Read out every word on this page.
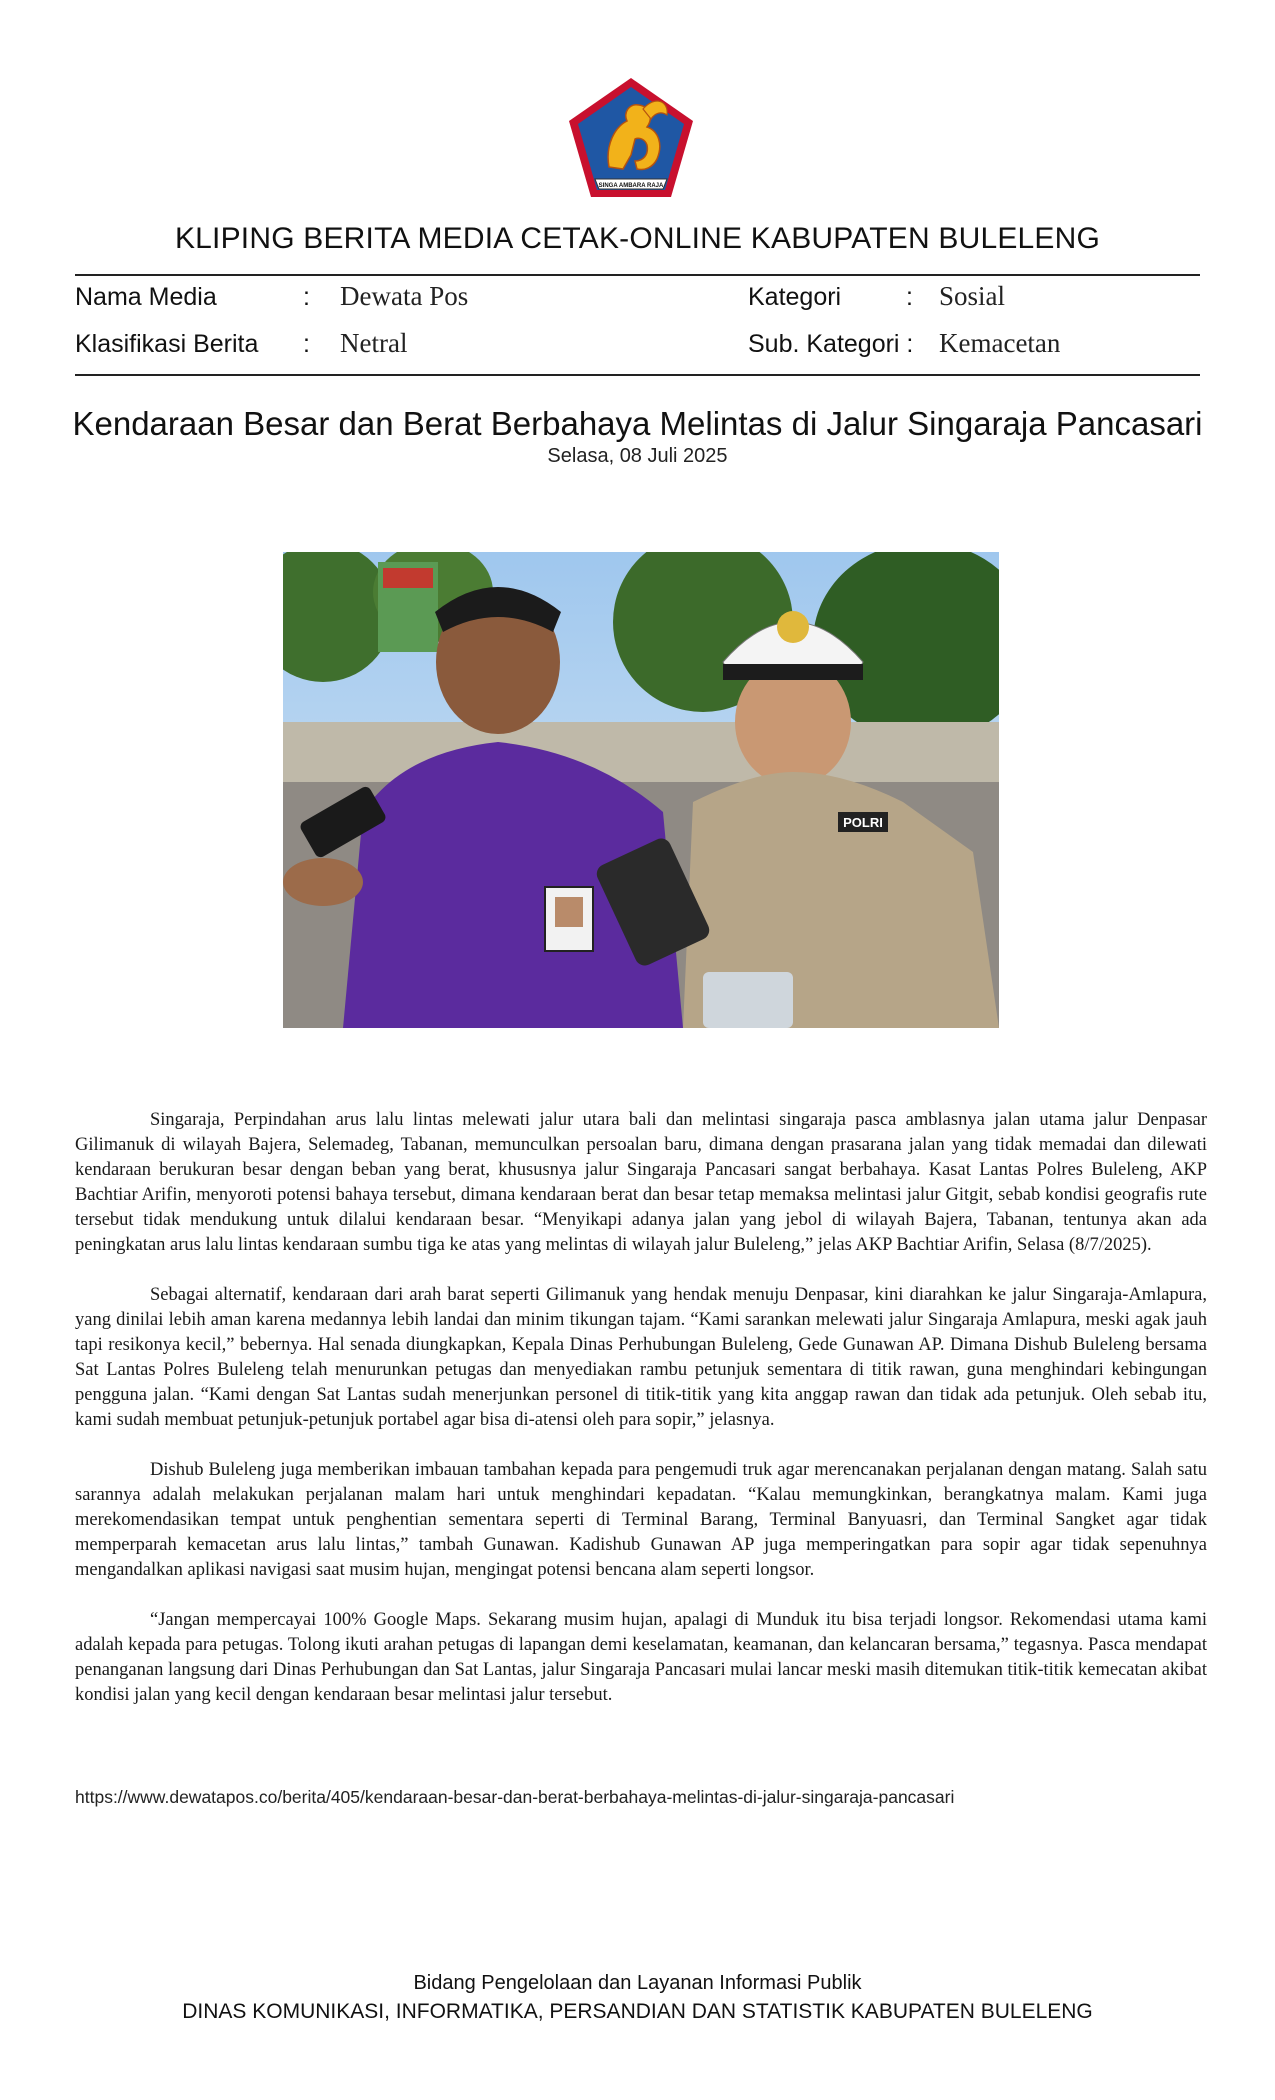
SINGA AMBARA RAJA
KLIPING BERITA MEDIA CETAK-ONLINE KABUPATEN BULELENG
Nama Media	: Dewata Pos
Klasifikasi Berita : Netral
Kategori	: Sosial
Sub. Kategori : Kemacetan
Kendaraan Besar dan Berat Berbahaya Melintas di Jalur Singaraja Pancasari
Selasa, 08 Juli 2025
POLRI

Singaraja, Perpindahan arus lalu lintas melewati jalur utara bali dan melintasi singaraja pasca amblasnya jalan utama jalur Denpasar Gilimanuk di wilayah Bajera, Selemadeg, Tabanan, memunculkan persoalan baru, dimana dengan prasarana jalan yang tidak memadai dan dilewati kendaraan berukuran besar dengan beban yang berat, khususnya jalur Singaraja Pancasari sangat berbahaya. Kasat Lantas Polres Buleleng, AKP Bachtiar Arifin, menyoroti potensi bahaya tersebut, dimana kendaraan berat dan besar tetap memaksa melintasi jalur Gitgit, sebab kondisi geografis rute tersebut tidak mendukung untuk dilalui kendaraan besar. “Menyikapi adanya jalan yang jebol di wilayah Bajera, Tabanan, tentunya akan ada peningkatan arus lalu lintas kendaraan sumbu tiga ke atas yang melintas di wilayah jalur Buleleng,” jelas AKP Bachtiar Arifin, Selasa (8/7/2025).

Sebagai alternatif, kendaraan dari arah barat seperti Gilimanuk yang hendak menuju Denpasar, kini diarahkan ke jalur Singaraja-Amlapura, yang dinilai lebih aman karena medannya lebih landai dan minim tikungan tajam. “Kami sarankan melewati jalur Singaraja Amlapura, meski agak jauh tapi resikonya kecil,” bebernya. Hal senada diungkapkan, Kepala Dinas Perhubungan Buleleng, Gede Gunawan AP. Dimana Dishub Buleleng bersama Sat Lantas Polres Buleleng telah menurunkan petugas dan menyediakan rambu petunjuk sementara di titik rawan, guna menghindari kebingungan pengguna jalan. “Kami dengan Sat Lantas sudah menerjunkan personel di titik-titik yang kita anggap rawan dan tidak ada petunjuk. Oleh sebab itu, kami sudah membuat petunjuk-petunjuk portabel agar bisa di-atensi oleh para sopir,” jelasnya.

Dishub Buleleng juga memberikan imbauan tambahan kepada para pengemudi truk agar merencanakan perjalanan dengan matang. Salah satu sarannya adalah melakukan perjalanan malam hari untuk menghindari kepadatan. “Kalau memungkinkan, berangkatnya malam. Kami juga merekomendasikan tempat untuk penghentian sementara seperti di Terminal Barang, Terminal Banyuasri, dan Terminal Sangket agar tidak memperparah kemacetan arus lalu lintas,” tambah Gunawan. Kadishub Gunawan AP juga memperingatkan para sopir agar tidak sepenuhnya mengandalkan aplikasi navigasi saat musim hujan, mengingat potensi bencana alam seperti longsor.

“Jangan mempercayai 100% Google Maps. Sekarang musim hujan, apalagi di Munduk itu bisa terjadi longsor. Rekomendasi utama kami adalah kepada para petugas. Tolong ikuti arahan petugas di lapangan demi keselamatan, keamanan, dan kelancaran bersama,” tegasnya. Pasca mendapat penanganan langsung dari Dinas Perhubungan dan Sat Lantas, jalur Singaraja Pancasari mulai lancar meski masih ditemukan titik-titik kemecatan akibat kondisi jalan yang kecil dengan kendaraan besar melintasi jalur tersebut.

https://www.dewatapos.co/berita/405/kendaraan-besar-dan-berat-berbahaya-melintas-di-jalur-singaraja-pancasari
Bidang Pengelolaan dan Layanan Informasi Publik
DINAS KOMUNIKASI, INFORMATIKA, PERSANDIAN DAN STATISTIK KABUPATEN BULELENG
